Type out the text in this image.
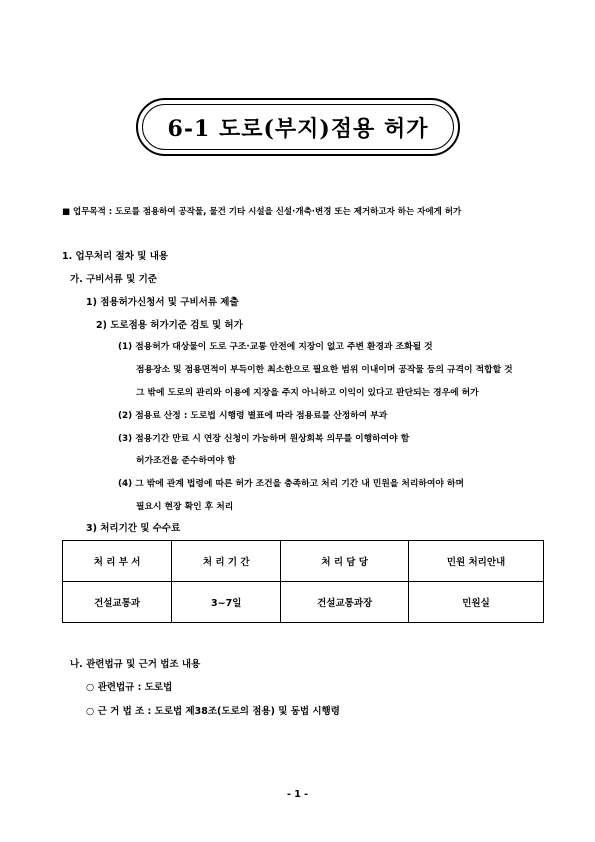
6-1 도로(부지)점용 허가
■ 업무목적 : 도로를 점용하여 공작물, 물건 기타 시설을 신설·개축·변경 또는 제거하고자 하는 자에게 허가
1. 업무처리 절차 및 내용
가. 구비서류 및 기준
1) 점용허가신청서 및 구비서류 제출
2) 도로점용 허가기준 검토 및 허가
(1) 점용허가 대상물이 도로 구조·교통 안전에 지장이 없고 주변 환경과 조화될 것
점용장소 및 점용면적이 부득이한 최소한으로 필요한 범위 이내이며 공작물 등의 규격이 적합할 것
그 밖에 도로의 관리와 이용에 지장을 주지 아니하고 이익이 있다고 판단되는 경우에 허가
(2) 점용료 산정 : 도로법 시행령 별표에 따라 점용료를 산정하여 부과
(3) 점용기간 만료 시 연장 신청이 가능하며 원상회복 의무를 이행하여야 함
허가조건을 준수하여야 함
(4) 그 밖에 관계 법령에 따른 허가 조건을 충족하고 처리 기간 내 민원을 처리하여야 하며
필요시 현장 확인 후 처리
3) 처리기간 및 수수료
처 리 부 서	처 리 기 간	처 리 담 당	민원 처리안내
건설교통과	3~7일	건설교통과장	민원실
나. 관련법규 및 근거 법조 내용
○ 관련법규 : 도로법
○ 근 거 법 조 : 도로법 제38조(도로의 점용) 및 동법 시행령
- 1 -
